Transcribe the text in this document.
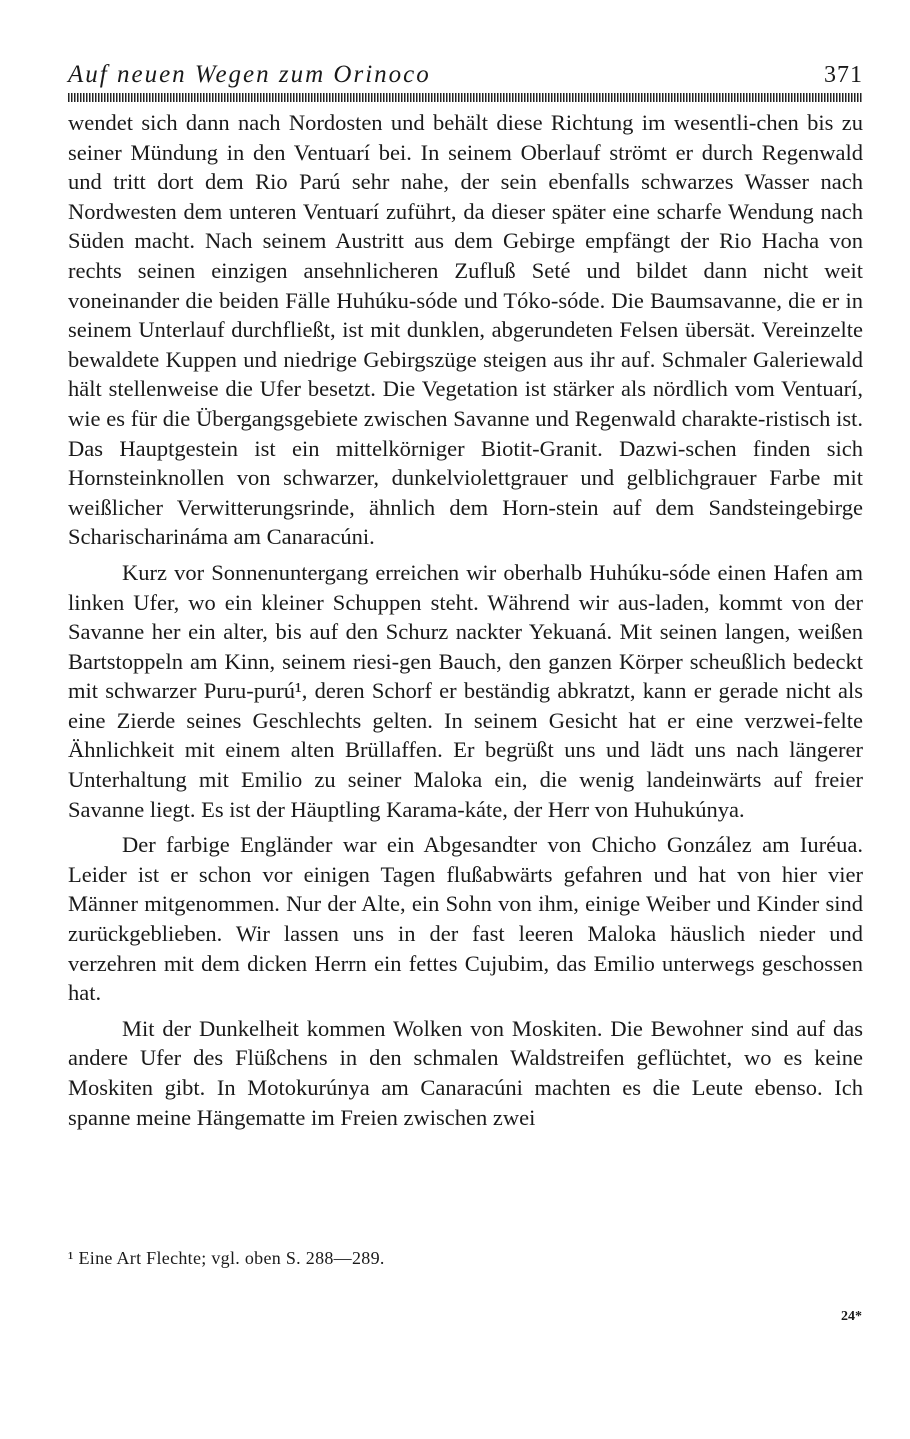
Auf neuen Wegen zum Orinoco	371

wendet sich dann nach Nordosten und behält diese Richtung im wesentli-chen bis zu seiner Mündung in den Ventuarí bei. In seinem Oberlauf strömt er durch Regenwald und tritt dort dem Rio Parú sehr nahe, der sein ebenfalls schwarzes Wasser nach Nordwesten dem unteren Ventuarí zuführt, da dieser später eine scharfe Wendung nach Süden macht. Nach seinem Austritt aus dem Gebirge empfängt der Rio Hacha von rechts seinen einzigen ansehnlicheren Zufluß Seté und bildet dann nicht weit voneinander die beiden Fälle Huhúku-sóde und Tóko-sóde. Die Baumsavanne, die er in seinem Unterlauf durchfließt, ist mit dunklen, abgerundeten Felsen übersät. Vereinzelte bewaldete Kuppen und niedrige Gebirgszüge steigen aus ihr auf. Schmaler Galeriewald hält stellenweise die Ufer besetzt. Die Vegetation ist stärker als nördlich vom Ventuarí, wie es für die Übergangsgebiete zwischen Savanne und Regenwald charakte-ristisch ist. Das Hauptgestein ist ein mittelkörniger Biotit-Granit. Dazwi-schen finden sich Hornsteinknollen von schwarzer, dunkelviolettgrauer und gelblichgrauer Farbe mit weißlicher Verwitterungsrinde, ähnlich dem Horn-stein auf dem Sandsteingebirge Scharischarináma am Canaracúni.

Kurz vor Sonnenuntergang erreichen wir oberhalb Huhúku-sóde einen Hafen am linken Ufer, wo ein kleiner Schuppen steht. Während wir aus-laden, kommt von der Savanne her ein alter, bis auf den Schurz nackter Yekuaná. Mit seinen langen, weißen Bartstoppeln am Kinn, seinem riesi-gen Bauch, den ganzen Körper scheußlich bedeckt mit schwarzer Puru-purú¹, deren Schorf er beständig abkratzt, kann er gerade nicht als eine Zierde seines Geschlechts gelten. In seinem Gesicht hat er eine verzwei-felte Ähnlichkeit mit einem alten Brüllaffen. Er begrüßt uns und lädt uns nach längerer Unterhaltung mit Emilio zu seiner Maloka ein, die wenig landeinwärts auf freier Savanne liegt. Es ist der Häuptling Karama-káte, der Herr von Huhukúnya.

Der farbige Engländer war ein Abgesandter von Chicho González am Iuréua. Leider ist er schon vor einigen Tagen flußabwärts gefahren und hat von hier vier Männer mitgenommen. Nur der Alte, ein Sohn von ihm, einige Weiber und Kinder sind zurückgeblieben. Wir lassen uns in der fast leeren Maloka häuslich nieder und verzehren mit dem dicken Herrn ein fettes Cujubim, das Emilio unterwegs geschossen hat.

Mit der Dunkelheit kommen Wolken von Moskiten. Die Bewohner sind auf das andere Ufer des Flüßchens in den schmalen Waldstreifen geflüchtet, wo es keine Moskiten gibt. In Motokurúnya am Canaracúni machten es die Leute ebenso. Ich spanne meine Hängematte im Freien zwischen zwei

¹ Eine Art Flechte; vgl. oben S. 288—289.
24*
